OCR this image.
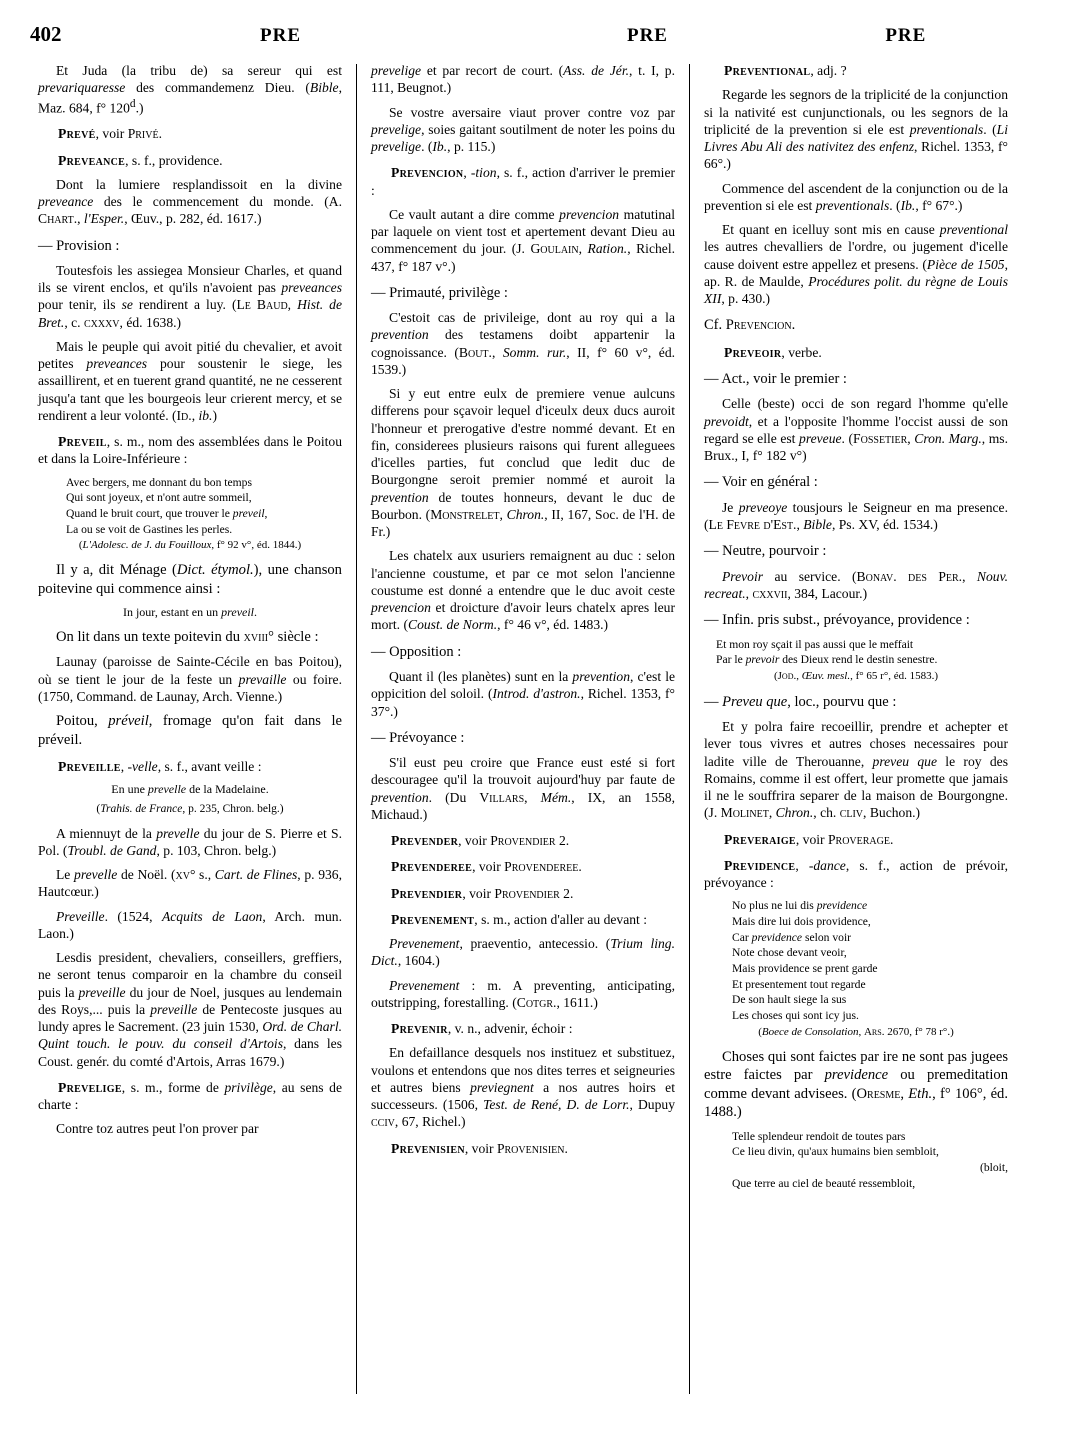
402	PRE	PRE	PRE

Et Juda (la tribu de) sa sereur qui est prevariquaresse des commandemenz Dieu. (Bible, Maz. 684, f° 120$^d$.)

Prevé, voir Privé.

Preveance, s. f., providence.

Dont la lumiere resplandissoit en la divine preveance des le commencement du monde. (A. Chart., l'Esper., Œuv., p. 282, éd. 1617.)

— Provision :

Toutesfois les assiegea Monsieur Charles, et quand ils se virent enclos, et qu'ils n'avoient pas preveances pour tenir, ils se rendirent a luy. (Le Baud, Hist. de Bret., c. cxxxv, éd. 1638.)

Mais le peuple qui avoit pitié du chevalier, et avoit petites preveances pour soustenir le siege, les assaillirent, et en tuerent grand quantité, ne ne cesserent jusqu'a tant que les bourgeois leur crierent mercy, et se rendirent a leur volonté. (Id., ib.)

Preveil, s. m., nom des assemblées dans le Poitou et dans la Loire-Inférieure :

Avec bergers, me donnant du bon temps
Qui sont joyeux, et n'ont autre sommeil,
Quand le bruit court, que trouver le preveil,
La ou se voit de Gastines les perles.

(L'Adolesc. de J. du Fouilloux, f° 92 v°, éd. 1844.)

Il y a, dit Ménage (Dict. étymol.), une chanson poitevine qui commence ainsi :

In jour, estant en un preveil.

On lit dans un texte poitevin du xviii° siècle :

Launay (paroisse de Sainte-Cécile en bas Poitou), où se tient le jour de la feste un prevaille ou foire. (1750, Command. de Launay, Arch. Vienne.)

Poitou, préveil, fromage qu'on fait dans le préveil.

Preveille, -velle, s. f., avant veille :

En une prevelle de la Madelaine.

(Trahis. de France, p. 235, Chron. belg.)

A miennuyt de la prevelle du jour de S. Pierre et S. Pol. (Troubl. de Gand, p. 103, Chron. belg.)

Le prevelle de Noël. (xv° s., Cart. de Flines, p. 936, Hautcœur.)

Preveille. (1524, Acquits de Laon, Arch. mun. Laon.)

Lesdis president, chevaliers, conseillers, greffiers, ne seront tenus comparoir en la chambre du conseil puis la preveille du jour de Noel, jusques au lendemain des Roys,... puis la preveille de Pentecoste jusques au lundy apres le Sacrement. (23 juin 1530, Ord. de Charl. Quint touch. le pouv. du conseil d'Artois, dans les Coust. genér. du comté d'Artois, Arras 1679.)

Prevelige, s. m., forme de privilège, au sens de charte :

Contre toz autres peut l'on prover par

prevelige et par recort de court. (Ass. de Jér., t. I, p. 111, Beugnot.)

Se vostre aversaire viaut prover contre voz par prevelige, soies gaitant soutilment de noter les poins du prevelige. (Ib., p. 115.)

Prevencion, -tion, s. f., action d'arriver le premier :

Ce vault autant a dire comme prevencion matutinal par laquele on vient tost et apertement devant Dieu au commencement du jour. (J. Goulain, Ration., Richel. 437, f° 187 v°.)

— Primauté, privilège :

C'estoit cas de privileige, dont au roy qui a la prevention des testamens doibt appartenir la cognoissance. (Bout., Somm. rur., II, f° 60 v°, éd. 1539.)

Si y eut entre eulx de premiere venue aulcuns differens pour sçavoir lequel d'iceulx deux ducs auroit l'honneur et prerogative d'estre nommé devant. Et en fin, considerees plusieurs raisons qui furent alleguees d'icelles parties, fut conclud que ledit duc de Bourgongne seroit premier nommé et auroit la prevention de toutes honneurs, devant le duc de Bourbon. (Monstrelet, Chron., II, 167, Soc. de l'H. de Fr.)

Les chatelx aux usuriers remaignent au duc : selon l'ancienne coustume, et par ce mot selon l'ancienne coustume est donné a entendre que le duc avoit ceste prevencion et droicture d'avoir leurs chatelx apres leur mort. (Coust. de Norm., f° 46 v°, éd. 1483.)

— Opposition :

Quant il (les planètes) sunt en la prevention, c'est le oppicition del soloil. (Introd. d'astron., Richel. 1353, f° 37°.)

— Prévoyance :

S'il eust peu croire que France eust esté si fort descouragee qu'il la trouvoit aujourd'huy par faute de prevention. (Du Villars, Mém., IX, an 1558, Michaud.)

Prevender, voir Provendier 2.

Prevenderee, voir Provenderee.

Prevendier, voir Provendier 2.

Prevenement, s. m., action d'aller au devant :

Prevenement, praeventio, antecessio. (Trium ling. Dict., 1604.)

Prevenement : m. A preventing, anticipating, outstripping, forestalling. (Cotgr., 1611.)

Prevenir, v. n., advenir, échoir :

En defaillance desquels nos instituez et substituez, voulons et entendons que nos dites terres et seigneuries et autres biens previegnent a nos autres hoirs et successeurs. (1506, Test. de René, D. de Lorr., Dupuy cciv, 67, Richel.)

Prevenisien, voir Provenisien.

Preventional, adj. ?

Regarde les segnors de la triplicité de la conjunction si la nativité est cunjunctionals, ou les segnors de la triplicité de la prevention si ele est preventionals. (Li Livres Abu Ali des nativitez des enfenz, Richel. 1353, f° 66°.)

Commence del ascendent de la conjunction ou de la prevention si ele est preventionals. (Ib., f° 67°.)

Et quant en icelluy sont mis en cause preventional les autres chevalliers de l'ordre, ou jugement d'icelle cause doivent estre appellez et presens. (Pièce de 1505, ap. R. de Maulde, Procédures polit. du règne de Louis XII, p. 430.)

Cf. Prevencion.

Preveoir, verbe.

— Act., voir le premier :

Celle (beste) occi de son regard l'homme qu'elle prevoidt, et a l'opposite l'homme l'occist aussi de son regard se elle est preveue. (Fossetier, Cron. Marg., ms. Brux., I, f° 182 v°)

— Voir en général :

Je preveoye tousjours le Seigneur en ma presence. (Le Fevre d'Est., Bible, Ps. XV, éd. 1534.)

— Neutre, pourvoir :

Prevoir au service. (Bonav. des Per., Nouv. recreat., cxxvii, 384, Lacour.)

— Infin. pris subst., prévoyance, providence :

Et mon roy sçait il pas aussi que le meffait
Par le prevoir des Dieux rend le destin senestre.

(Jod., Œuv. mesl., f° 65 r°, éd. 1583.)

— Preveu que, loc., pourvu que :

Et y polra faire recoeillir, prendre et achepter et lever tous vivres et autres choses necessaires pour ladite ville de Therouanne, preveu que le roy des Romains, comme il est offert, leur promette que jamais il ne le souffrira separer de la maison de Bourgongne. (J. Molinet, Chron., ch. cliv, Buchon.)

Preveraige, voir Proverage.

Previdence, -dance, s. f., action de prévoir, prévoyance :

No plus ne lui dis previdence
Mais dire lui dois providence,
Car previdence selon voir
Note chose devant veoir,
Mais providence se prent garde
Et presentement tout regarde
De son hault siege la sus
Les choses qui sont icy jus.

(Boece de Consolation, Ars. 2670, f° 78 r°.)

Choses qui sont faictes par ire ne sont pas jugees estre faictes par previdence ou premeditation comme devant advisees. (Oresme, Eth., f° 106°, éd. 1488.)

Telle splendeur rendoit de toutes pars
Ce lieu divin, qu'aux humains bien sembloit,

(bloit,
Que terre au ciel de beauté ressembloit,
